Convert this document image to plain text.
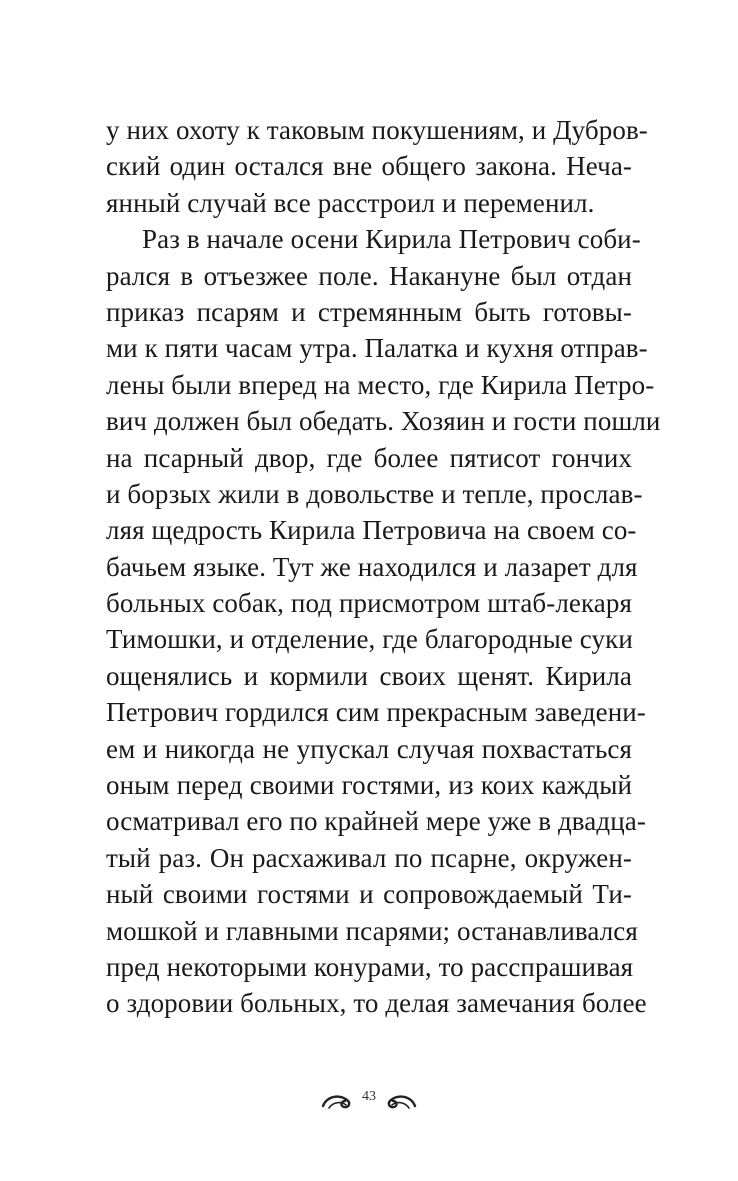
у них охоту к таковым покушениям, и Дубров-
ский один остался вне общего закона. Неча-
янный случай все расстроил и переменил.
Раз в начале осени Кирила Петрович соби-
рался в отъезжее поле. Накануне был отдан
приказ псарям и стремянным быть готовы-
ми к пяти часам утра. Палатка и кухня отправ-
лены были вперед на место, где Кирила Петро-
вич должен был обедать. Хозяин и гости пошли
на псарный двор, где более пятисот гончих
и борзых жили в довольстве и тепле, прослав-
ляя щедрость Кирила Петровича на своем со-
бачьем языке. Тут же находился и лазарет для
больных собак, под присмотром штаб-лекаря
Тимошки, и отделение, где благородные суки
ощенялись и кормили своих щенят. Кирила
Петрович гордился сим прекрасным заведени-
ем и никогда не упускал случая похвастаться
оным перед своими гостями, из коих каждый
осматривал его по крайней мере уже в двадца-
тый раз. Он расхаживал по псарне, окружен-
ный своими гостями и сопровождаемый Ти-
мошкой и главными псарями; останавливался
пред некоторыми конурами, то расспрашивая
о здоровии больных, то делая замечания более
43
